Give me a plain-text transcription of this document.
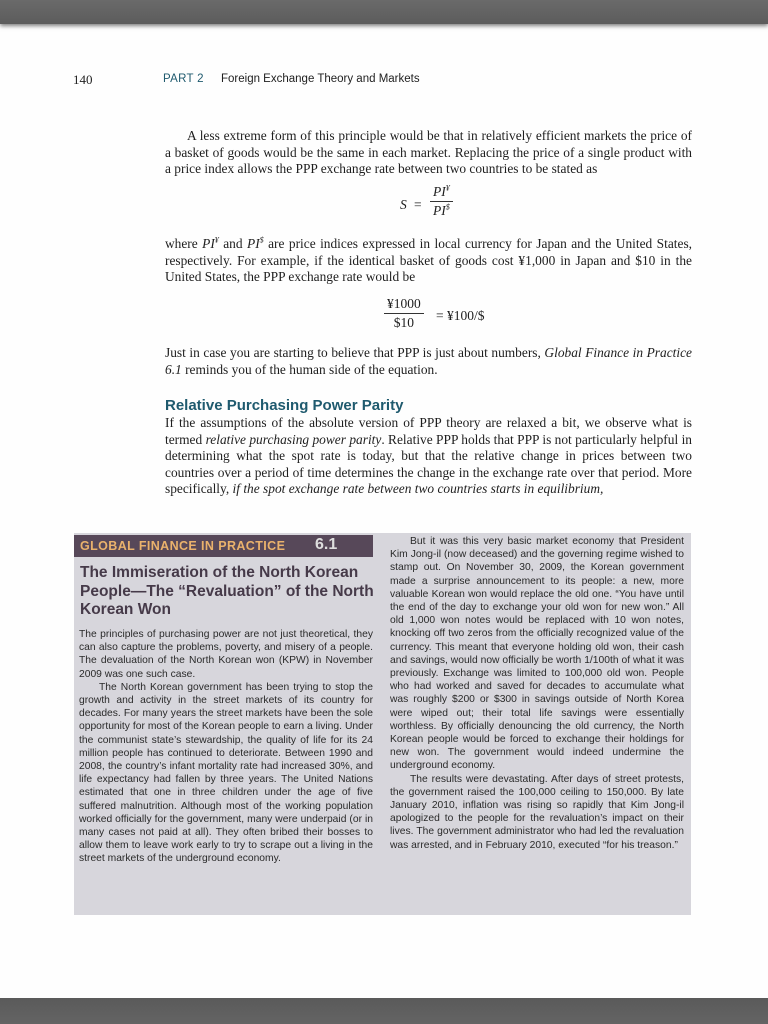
140	PART 2 Foreign Exchange Theory and Markets
A less extreme form of this principle would be that in relatively efficient markets the price of a basket of goods would be the same in each market. Replacing the price of a single product with a price index allows the PPP exchange rate between two countries to be stated as
$S = \frac{PI^¥}{PI^{\$}}$
where PI¥ and PI$ are price indices expressed in local currency for Japan and the United States, respectively. For example, if the identical basket of goods cost ¥1,000 in Japan and $10 in the United States, the PPP exchange rate would be
$\frac{¥1000}{\$10}$ = ¥100/$
Just in case you are starting to believe that PPP is just about numbers, Global Finance in Practice 6.1 reminds you of the human side of the equation.
Relative Purchasing Power Parity
If the assumptions of the absolute version of PPP theory are relaxed a bit, we observe what is termed relative purchasing power parity. Relative PPP holds that PPP is not particularly helpful in determining what the spot rate is today, but that the relative change in prices between two countries over a period of time determines the change in the exchange rate over that period. More specifically, if the spot exchange rate between two countries starts in equilibrium,
GLOBAL FINANCE IN PRACTICE 6.1
The Immiseration of the North Korean People—The “Revaluation” of the North Korean Won

The principles of purchasing power are not just theoretical, they can also capture the problems, poverty, and misery of a people. The devaluation of the North Korean won (KPW) in November 2009 was one such case.

The North Korean government has been trying to stop the growth and activity in the street markets of its country for decades. For many years the street markets have been the sole opportunity for most of the Korean people to earn a living. Under the communist state’s stewardship, the quality of life for its 24 million people has continued to deteriorate. Between 1990 and 2008, the country’s infant mortality rate had increased 30%, and life expectancy had fallen by three years. The United Nations estimated that one in three children under the age of five suffered malnutrition. Although most of the working population worked officially for the government, many were underpaid (or in many cases not paid at all). They often bribed their bosses to allow them to leave work early to try to scrape out a living in the street markets of the underground economy.

But it was this very basic market economy that President Kim Jong-il (now deceased) and the governing regime wished to stamp out. On November 30, 2009, the Korean government made a surprise announcement to its people: a new, more valuable Korean won would replace the old one. “You have until the end of the day to exchange your old won for new won.” All old 1,000 won notes would be replaced with 10 won notes, knocking off two zeros from the officially recognized value of the currency. This meant that everyone holding old won, their cash and savings, would now officially be worth 1/100th of what it was previously. Exchange was limited to 100,000 old won. People who had worked and saved for decades to accumulate what was roughly $200 or $300 in savings outside of North Korea were wiped out; their total life savings were essentially worthless. By officially denouncing the old currency, the North Korean people would be forced to exchange their holdings for new won. The government would indeed undermine the underground economy.

The results were devastating. After days of street protests, the government raised the 100,000 ceiling to 150,000. By late January 2010, inflation was rising so rapidly that Kim Jong-il apologized to the people for the revaluation’s impact on their lives. The government administrator who had led the revaluation was arrested, and in February 2010, executed “for his treason.”
